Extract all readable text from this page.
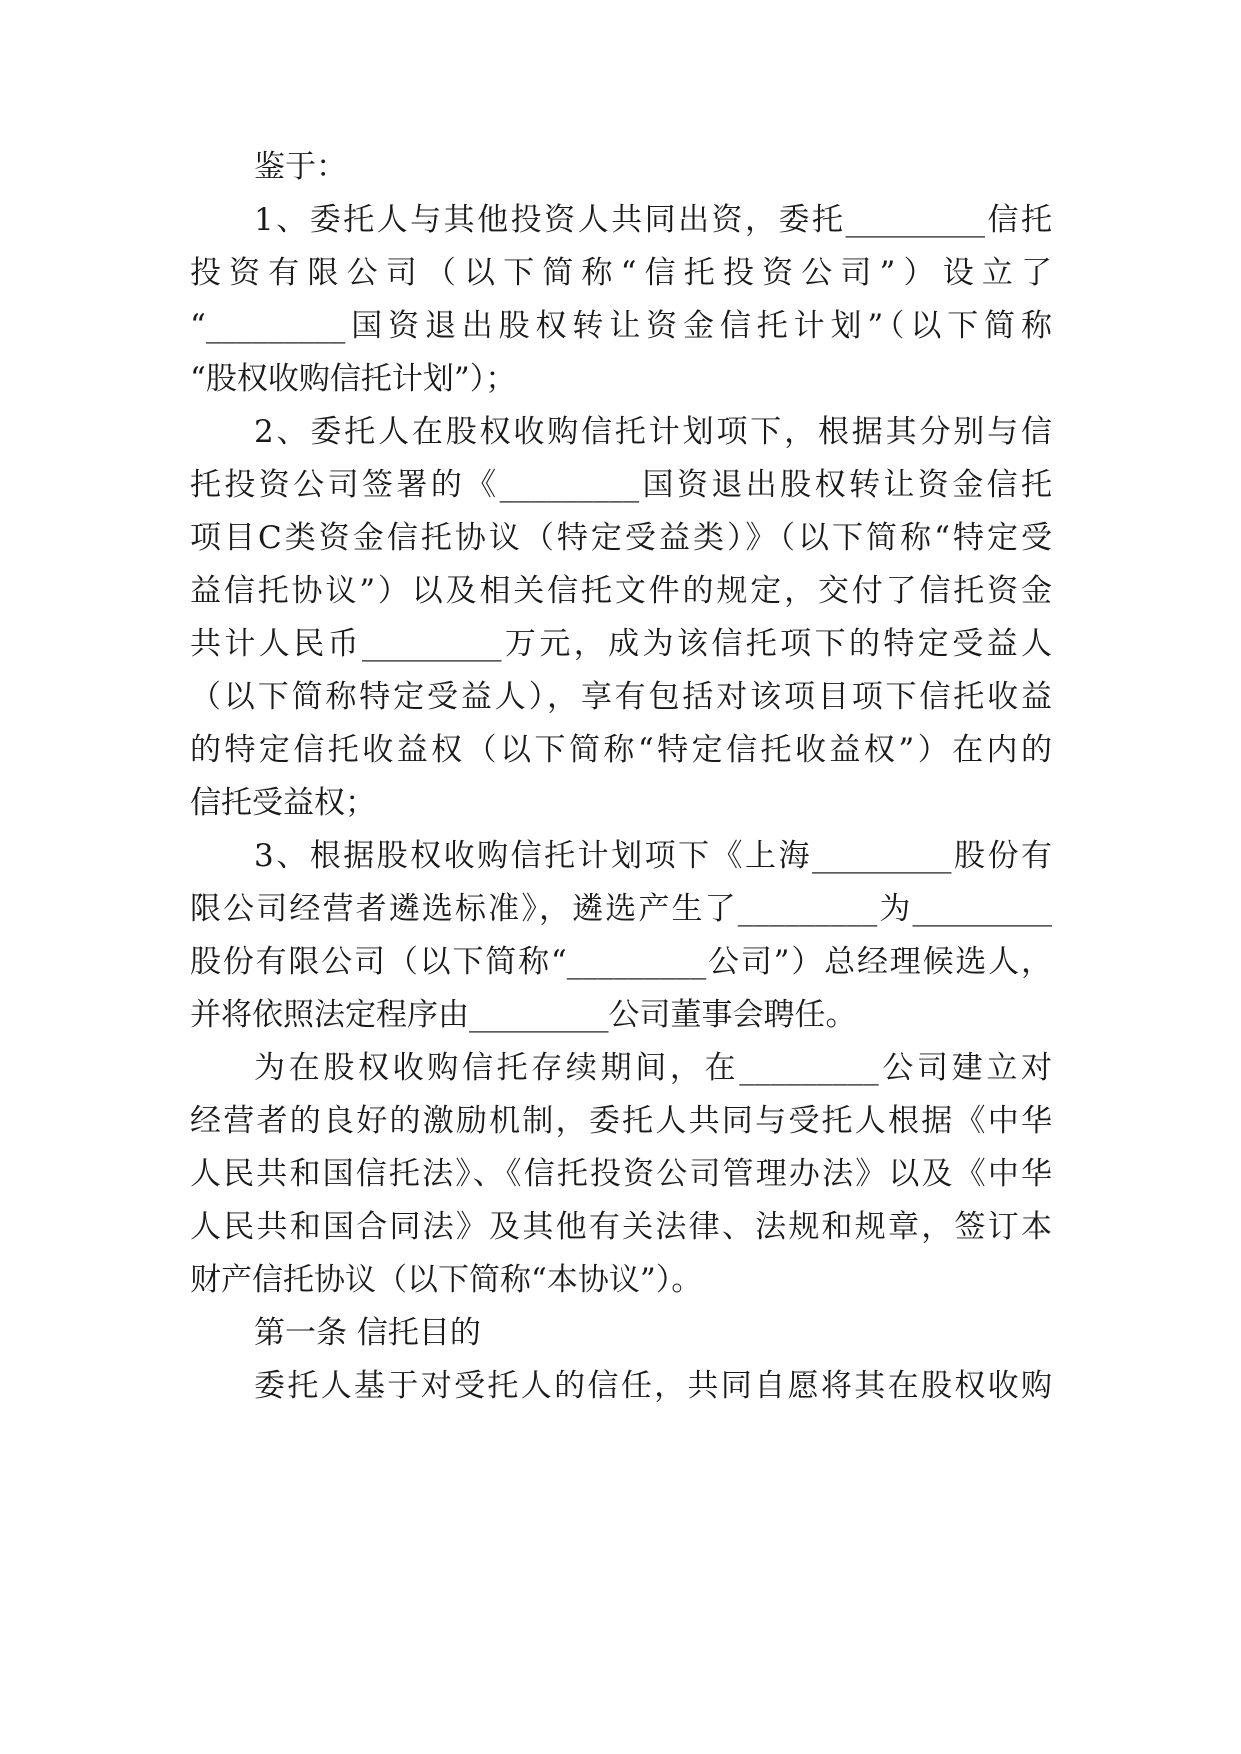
鉴于：
1、委托人与其他投资人共同出资，委托_________信托
投资有限公司（以下简称“信托投资公司”）设立了
“_________国资退出股权转让资金信托计划”（以下简称
“股权收购信托计划”）；
2、委托人在股权收购信托计划项下，根据其分别与信
托投资公司签署的《_________国资退出股权转让资金信托
项目C类资金信托协议（特定受益类）》（以下简称“特定受
益信托协议”）以及相关信托文件的规定，交付了信托资金
共计人民币_________万元，成为该信托项下的特定受益人
（以下简称特定受益人），享有包括对该项目项下信托收益
的特定信托收益权（以下简称“特定信托收益权”）在内的
信托受益权；
3、根据股权收购信托计划项下《上海_________股份有
限公司经营者遴选标准》，遴选产生了_________为_________
股份有限公司（以下简称“_________公司”）总经理候选人，
并将依照法定程序由_________公司董事会聘任。
为在股权收购信托存续期间，在_________公司建立对
经营者的良好的激励机制，委托人共同与受托人根据《中华
人民共和国信托法》、《信托投资公司管理办法》以及《中华
人民共和国合同法》及其他有关法律、法规和规章，签订本
财产信托协议（以下简称“本协议”）。
第一条 信托目的
委托人基于对受托人的信任，共同自愿将其在股权收购
